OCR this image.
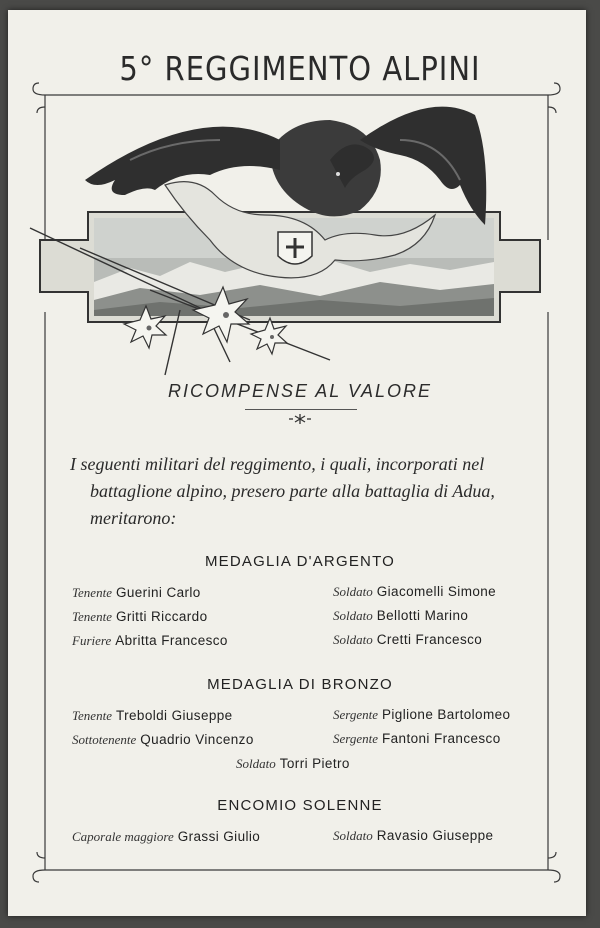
5° REGGIMENTO ALPINI
RICOMPENSE AL VALORE
I seguenti militari del reggimento, i quali, incorporati nel
battaglione alpino, presero parte alla battaglia di Adua,
meritarono:
MEDAGLIA D'ARGENTO
Tenente Guerini Carlo
Tenente Gritti Riccardo
Furiere Abritta Francesco
Soldato Giacomelli Simone
Soldato Bellotti Marino
Soldato Cretti Francesco
MEDAGLIA DI BRONZO
Tenente Treboldi Giuseppe
Sottotenente Quadrio Vincenzo
Sergente Piglione Bartolomeo
Sergente Fantoni Francesco
Soldato Torri Pietro
ENCOMIO SOLENNE
Caporale maggiore Grassi Giulio	Soldato Ravasio Giuseppe
